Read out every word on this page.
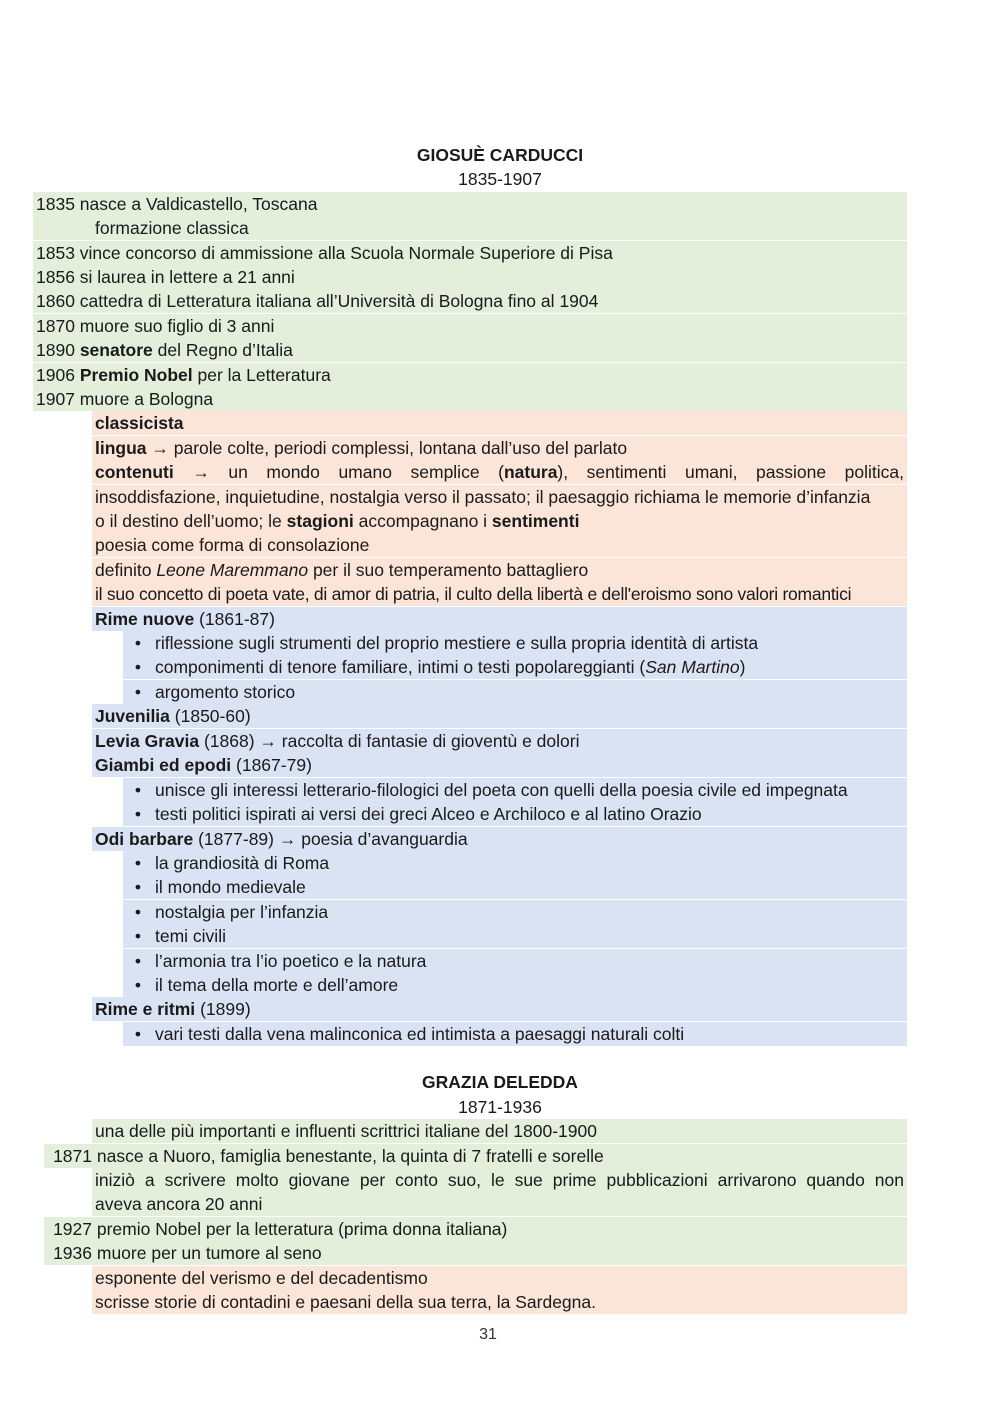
GIOSUÈ CARDUCCI
1835-1907
1835 nasce a Valdicastello, Toscana
formazione classica
1853 vince concorso di ammissione alla Scuola Normale Superiore di Pisa
1856 si laurea in lettere a 21 anni
1860 cattedra di Letteratura italiana all’Università di Bologna fino al 1904
1870 muore suo figlio di 3 anni
1890 senatore del Regno d’Italia
1906 Premio Nobel per la Letteratura
1907 muore a Bologna
classicista
lingua → parole colte, periodi complessi, lontana dall’uso del parlato
contenuti → un mondo umano semplice (natura), sentimenti umani, passione politica,
insoddisfazione, inquietudine, nostalgia verso il passato; il paesaggio richiama le memorie d’infanzia
o il destino dell’uomo; le stagioni accompagnano i sentimenti
poesia come forma di consolazione
definito Leone Maremmano per il suo temperamento battagliero
il suo concetto di poeta vate, di amor di patria, il culto della libertà e dell'eroismo sono valori romantici
Rime nuove (1861-87)
• riflessione sugli strumenti del proprio mestiere e sulla propria identità di artista
• componimenti di tenore familiare, intimi o testi popolareggianti (San Martino)
• argomento storico
Juvenilia (1850-60)
Levia Gravia (1868) → raccolta di fantasie di gioventù e dolori
Giambi ed epodi (1867-79)
• unisce gli interessi letterario-filologici del poeta con quelli della poesia civile ed impegnata
• testi politici ispirati ai versi dei greci Alceo e Archiloco e al latino Orazio
Odi barbare (1877-89) → poesia d’avanguardia
• la grandiosità di Roma
• il mondo medievale
• nostalgia per l’infanzia
• temi civili
• l’armonia tra l’io poetico e la natura
• il tema della morte e dell’amore
Rime e ritmi (1899)
• vari testi dalla vena malinconica ed intimista a paesaggi naturali colti
GRAZIA DELEDDA
1871-1936
una delle più importanti e influenti scrittrici italiane del 1800-1900
1871 nasce a Nuoro, famiglia benestante, la quinta di 7 fratelli e sorelle
iniziò a scrivere molto giovane per conto suo, le sue prime pubblicazioni arrivarono quando non
aveva ancora 20 anni
1927 premio Nobel per la letteratura (prima donna italiana)
1936 muore per un tumore al seno
esponente del verismo e del decadentismo
scrisse storie di contadini e paesani della sua terra, la Sardegna.
31
